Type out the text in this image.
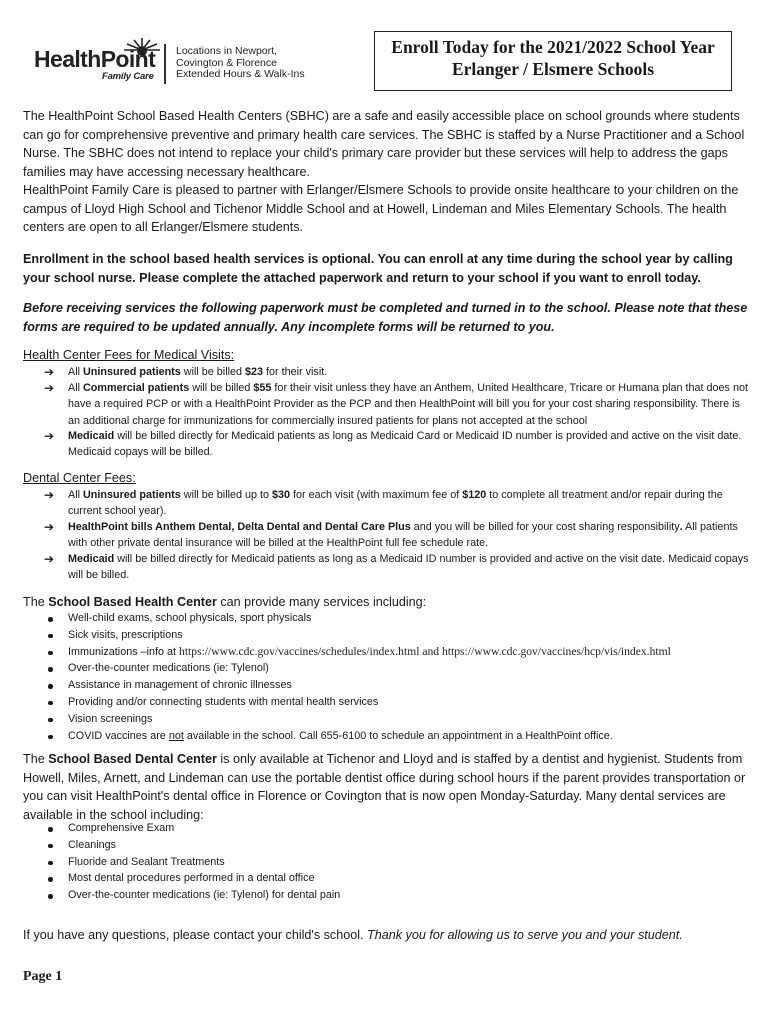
HealthPoint
Family Care
Locations in Newport,
Covington & Florence
Extended Hours & Walk-Ins
Enroll Today for the 2021/2022 School Year
Erlanger / Elsmere Schools
The HealthPoint School Based Health Centers (SBHC) are a safe and easily accessible place on school grounds where students can go for comprehensive preventive and primary health care services. The SBHC is staffed by a Nurse Practitioner and a School Nurse. The SBHC does not intend to replace your child's primary care provider but these services will help to address the gaps families may have accessing necessary healthcare.
HealthPoint Family Care is pleased to partner with Erlanger/Elsmere Schools to provide onsite healthcare to your children on the campus of Lloyd High School and Tichenor Middle School and at Howell, Lindeman and Miles Elementary Schools. The health centers are open to all Erlanger/Elsmere students.
Enrollment in the school based health services is optional. You can enroll at any time during the school year by calling your school nurse. Please complete the attached paperwork and return to your school if you want to enroll today.
Before receiving services the following paperwork must be completed and turned in to the school. Please note that these forms are required to be updated annually. Any incomplete forms will be returned to you.
Health Center Fees for Medical Visits:
➔ All Uninsured patients will be billed $23 for their visit.
➔ All Commercial patients will be billed $55 for their visit unless they have an Anthem, United Healthcare, Tricare or Humana plan that does not have a required PCP or with a HealthPoint Provider as the PCP and then HealthPoint will bill you for your cost sharing responsibility. There is an additional charge for immunizations for commercially insured patients for plans not accepted at the school
➔ Medicaid will be billed directly for Medicaid patients as long as Medicaid Card or Medicaid ID number is provided and active on the visit date. Medicaid copays will be billed.
Dental Center Fees:
➔ All Uninsured patients will be billed up to $30 for each visit (with maximum fee of $120 to complete all treatment and/or repair during the current school year).
➔ HealthPoint bills Anthem Dental, Delta Dental and Dental Care Plus and you will be billed for your cost sharing responsibility. All patients with other private dental insurance will be billed at the HealthPoint full fee schedule rate.
➔ Medicaid will be billed directly for Medicaid patients as long as a Medicaid ID number is provided and active on the visit date. Medicaid copays will be billed.
The School Based Health Center can provide many services including:
Well-child exams, school physicals, sport physicals
Sick visits, prescriptions
Immunizations –info at https://www.cdc.gov/vaccines/schedules/index.html and https://www.cdc.gov/vaccines/hcp/vis/index.html
Over-the-counter medications (ie: Tylenol)
Assistance in management of chronic illnesses
Providing and/or connecting students with mental health services
Vision screenings
COVID vaccines are not available in the school. Call 655-6100 to schedule an appointment in a HealthPoint office.
The School Based Dental Center is only available at Tichenor and Lloyd and is staffed by a dentist and hygienist. Students from Howell, Miles, Arnett, and Lindeman can use the portable dentist office during school hours if the parent provides transportation or you can visit HealthPoint's dental office in Florence or Covington that is now open Monday-Saturday. Many dental services are available in the school including:
Comprehensive Exam
Cleanings
Fluoride and Sealant Treatments
Most dental procedures performed in a dental office
Over-the-counter medications (ie: Tylenol) for dental pain
If you have any questions, please contact your child's school. Thank you for allowing us to serve you and your student.
Page 1
